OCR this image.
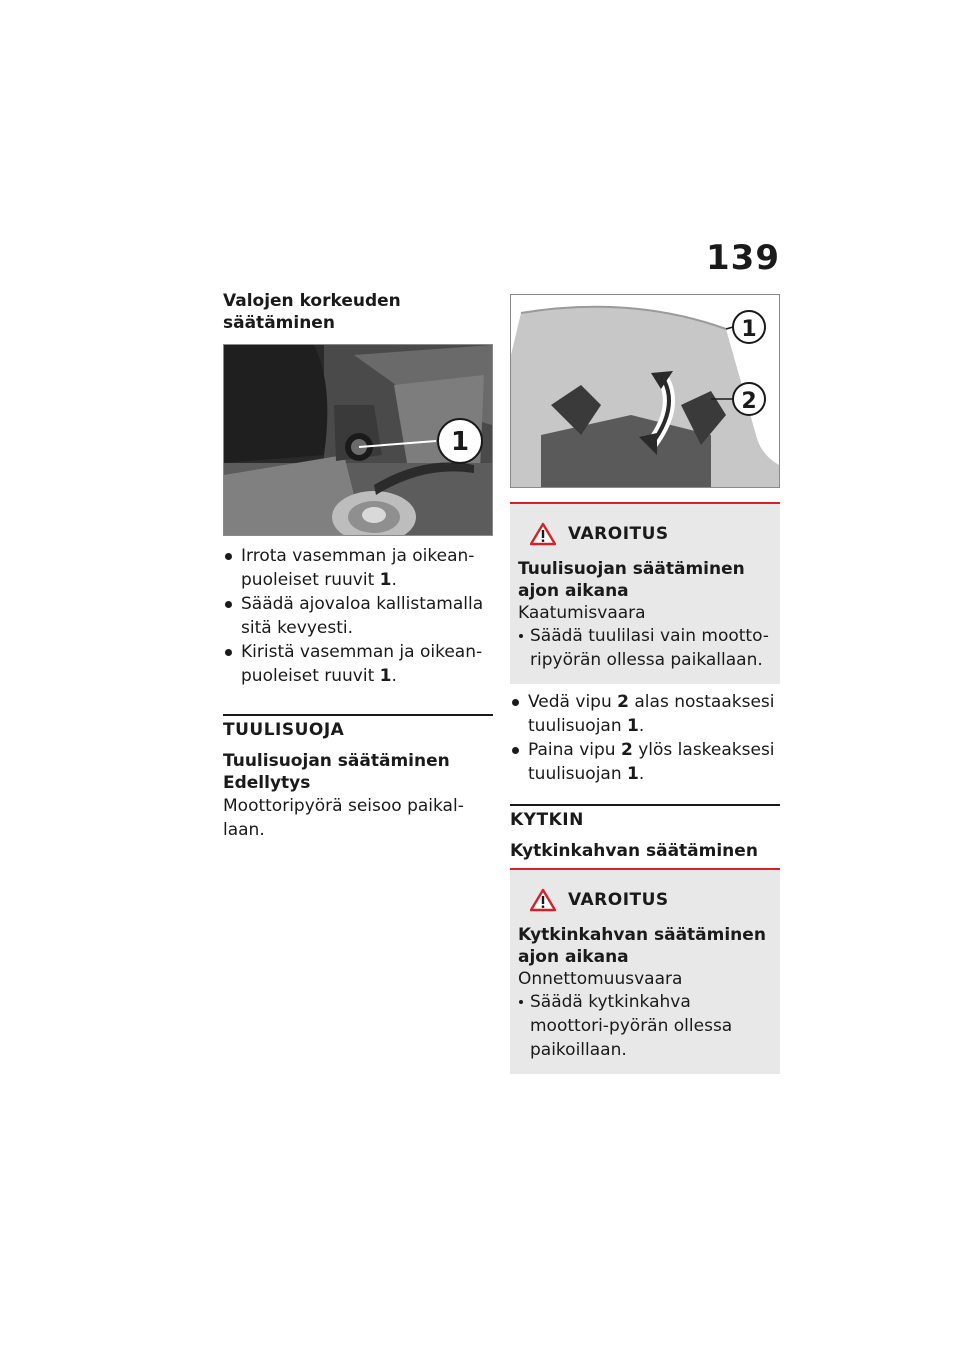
139

Valojen korkeuden
säätäminen

1
Irrota vasemman ja oikean-puoleiset ruuvit 1.
Säädä ajovaloa kallistamalla sitä kevyesti.
Kiristä vasemman ja oikean-puoleiset ruuvit 1.

TUULISUOJA

Tuulisuojan säätäminen

Edellytys

Moottoripyörä seisoo paikal-laan.

1
2
VAROITUS

Tuulisuojan säätäminen ajon aikana

Kaatumisvaara

Säädä tuulilasi vain mootto-ripyörän ollessa paikallaan.
Vedä vipu 2 alas nostaaksesi tuulisuojan 1.
Paina vipu 2 ylös laskeaksesi tuulisuojan 1.

KYTKIN

Kytkinkahvan säätäminen

VAROITUS

Kytkinkahvan säätäminen ajon aikana

Onnettomuusvaara

Säädä kytkinkahva moottori-pyörän ollessa paikoillaan.
